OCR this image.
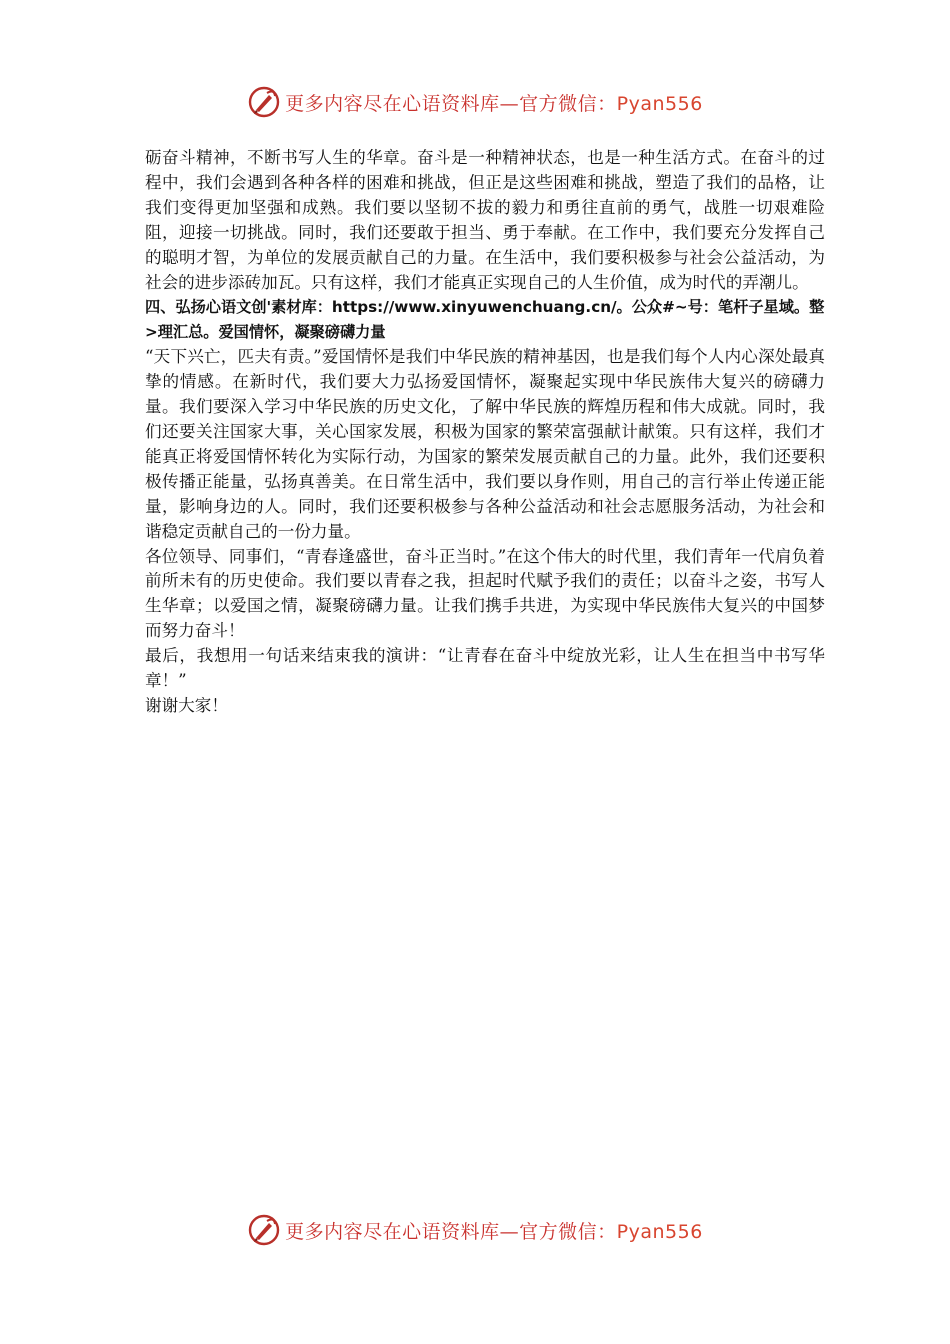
更多内容尽在心语资料库—官方微信：Pyan556

砺奋斗精神，不断书写人生的华章。奋斗是一种精神状态，也是一种生活方式。在奋斗的过程中，我们会遇到各种各样的困难和挑战，但正是这些困难和挑战，塑造了我们的品格，让我们变得更加坚强和成熟。我们要以坚韧不拔的毅力和勇往直前的勇气，战胜一切艰难险阻，迎接一切挑战。同时，我们还要敢于担当、勇于奉献。在工作中，我们要充分发挥自己的聪明才智，为单位的发展贡献自己的力量。在生活中，我们要积极参与社会公益活动，为社会的进步添砖加瓦。只有这样，我们才能真正实现自己的人生价值，成为时代的弄潮儿。

四、弘扬心语文创'素材库：https://www.xinyuwenchuang.cn/。公众#~号：笔杆子星域。整>理汇总。爱国情怀，凝聚磅礴力量

“天下兴亡，匹夫有责。”爱国情怀是我们中华民族的精神基因，也是我们每个人内心深处最真挚的情感。在新时代，我们要大力弘扬爱国情怀，凝聚起实现中华民族伟大复兴的磅礴力量。我们要深入学习中华民族的历史文化，了解中华民族的辉煌历程和伟大成就。同时，我们还要关注国家大事，关心国家发展，积极为国家的繁荣富强献计献策。只有这样，我们才能真正将爱国情怀转化为实际行动，为国家的繁荣发展贡献自己的力量。此外，我们还要积极传播正能量，弘扬真善美。在日常生活中，我们要以身作则，用自己的言行举止传递正能量，影响身边的人。同时，我们还要积极参与各种公益活动和社会志愿服务活动，为社会和谐稳定贡献自己的一份力量。

各位领导、同事们，“青春逢盛世，奋斗正当时。”在这个伟大的时代里，我们青年一代肩负着前所未有的历史使命。我们要以青春之我，担起时代赋予我们的责任；以奋斗之姿，书写人生华章；以爱国之情，凝聚磅礴力量。让我们携手共进，为实现中华民族伟大复兴的中国梦而努力奋斗！

最后，我想用一句话来结束我的演讲：“让青春在奋斗中绽放光彩，让人生在担当中书写华章！”

谢谢大家！

更多内容尽在心语资料库—官方微信：Pyan556
